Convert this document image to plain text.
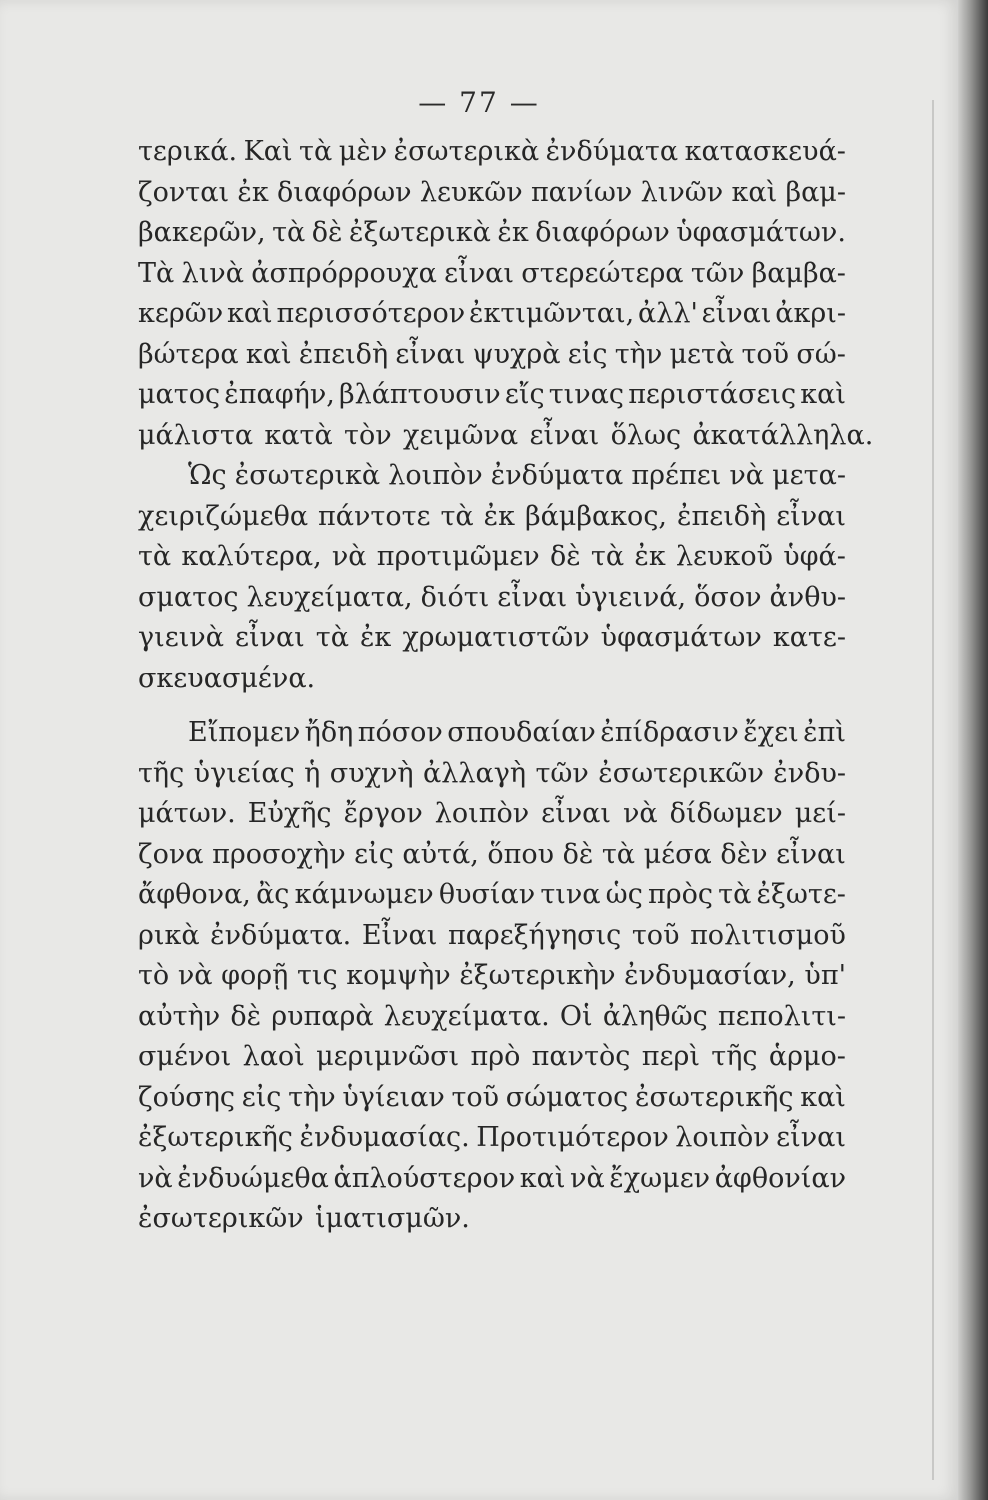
— 77 —
τερικά. Καὶ τὰ μὲν ἐσωτερικὰ ἐνδύματα κατασκευά-
ζονται ἐκ διαφόρων λευκῶν πανίων λινῶν καὶ βαμ-
βακερῶν, τὰ δὲ ἐξωτερικὰ ἐκ διαφόρων ὑφασμάτων.
Τὰ λινὰ ἀσπρόρρουχα εἶναι στερεώτερα τῶν βαμβα-
κερῶν καὶ περισσότερον ἐκτιμῶνται, ἀλλ' εἶναι ἀκρι-
βώτερα καὶ ἐπειδὴ εἶναι ψυχρὰ εἰς τὴν μετὰ τοῦ σώ-
ματος ἐπαφήν, βλάπτουσιν εἴς τινας περιστάσεις καὶ
μάλιστα κατὰ τὸν χειμῶνα εἶναι ὅλως ἀκατάλληλα.
Ὡς ἐσωτερικὰ λοιπὸν ἐνδύματα πρέπει νὰ μετα-
χειριζώμεθα πάντοτε τὰ ἐκ βάμβακος, ἐπειδὴ εἶναι
τὰ καλύτερα, νὰ προτιμῶμεν δὲ τὰ ἐκ λευκοῦ ὑφά-
σματος λευχείματα, διότι εἶναι ὑγιεινά, ὅσον ἀνθυ-
γιεινὰ εἶναι τὰ ἐκ χρωματιστῶν ὑφασμάτων κατε-
σκευασμένα.
Εἴπομεν ἤδη πόσον σπουδαίαν ἐπίδρασιν ἔχει ἐπὶ
τῆς ὑγιείας ἡ συχνὴ ἀλλαγὴ τῶν ἐσωτερικῶν ἐνδυ-
μάτων. Εὐχῆς ἔργον λοιπὸν εἶναι νὰ δίδωμεν μεί-
ζονα προσοχὴν εἰς αὐτά, ὅπου δὲ τὰ μέσα δὲν εἶναι
ἄφθονα, ἂς κάμνωμεν θυσίαν τινα ὡς πρὸς τὰ ἐξωτε-
ρικὰ ἐνδύματα. Εἶναι παρεξήγησις τοῦ πολιτισμοῦ
τὸ νὰ φορῇ τις κομψὴν ἐξωτερικὴν ἐνδυμασίαν, ὑπ'
αὐτὴν δὲ ρυπαρὰ λευχείματα. Οἱ ἀληθῶς πεπολιτι-
σμένοι λαοὶ μεριμνῶσι πρὸ παντὸς περὶ τῆς ἁρμο-
ζούσης εἰς τὴν ὑγίειαν τοῦ σώματος ἐσωτερικῆς καὶ
ἐξωτερικῆς ἐνδυμασίας. Προτιμότερον λοιπὸν εἶναι
νὰ ἐνδυώμεθα ἁπλούστερον καὶ νὰ ἔχωμεν ἀφθονίαν
ἐσωτερικῶν ἱματισμῶν.
